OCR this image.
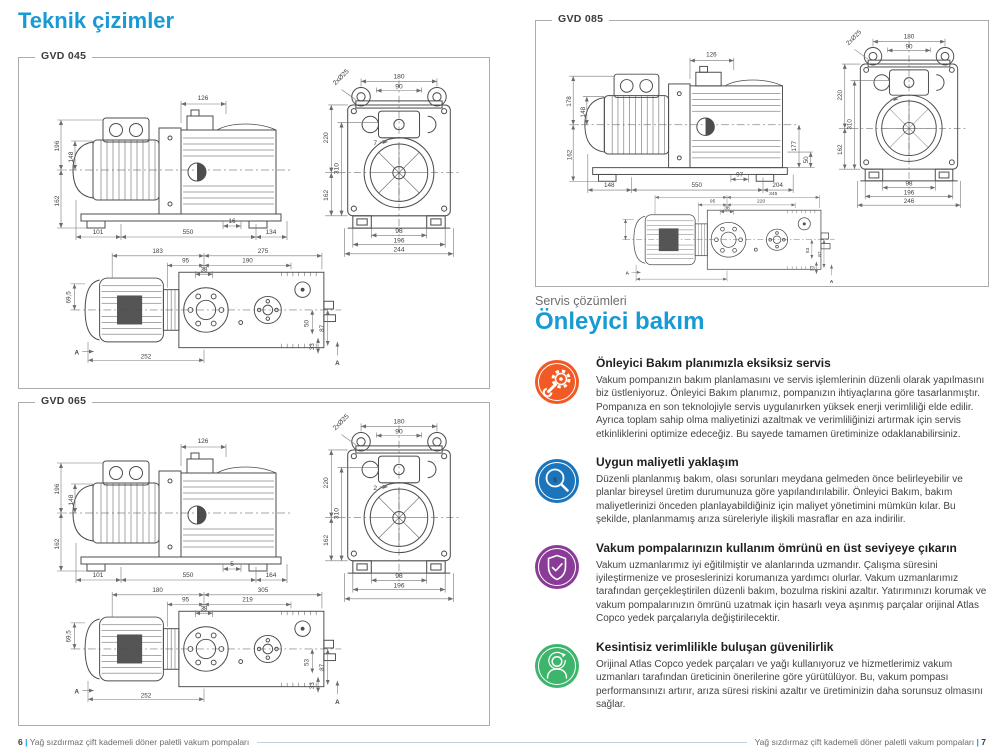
Teknik çizimler
GVD 045
126
196
148
162
101	550	134
16
180
90
2xØ25
220
310
162
7
98
196
244
183	275
95	190
38
69,5
252
50
87
33
A
A
GVD 065
126
196
148
162
101	550	164
5
180
90
2xØ25
220
310
162
2
98
196
180	305
95	219
38
69,5
252
53
87
33
A
A
GVD 085
126
178
148
162
148	550	204
97
177
50
180
90
2xØ25
220
310
162
98
196
246
345
95	220
38
53
87
33
A
A
Servis çözümleri
Önleyici bakım
Önleyici Bakım planımızla eksiksiz servis

Vakum pompanızın bakım planlamasını ve servis işlemlerinin düzenli olarak yapılmasını biz üstleniyoruz. Önleyici Bakım planımız, pompanızın ihtiyaçlarına göre tasarlanmıştır. Pompanıza en son teknolojiyle servis uygulanırken yüksek enerji verimliliği elde edilir. Ayrıca toplam sahip olma maliyetinizi azaltmak ve verimliliğinizi artırmak için servis etkinliklerini optimize edeceğiz. Bu sayede tamamen üretiminize odaklanabilirsiniz.

$
Uygun maliyetli yaklaşım

Düzenli planlanmış bakım, olası sorunları meydana gelmeden önce belirleyebilir ve planlar bireysel üretim durumunuza göre yapılandırılabilir. Önleyici Bakım, bakım maliyetlerinizi önceden planlayabildiğiniz için maliyet yönetimini mümkün kılar. Bu şekilde, planlanmamış arıza süreleriyle ilişkili masraflar en aza indirilir.

Vakum pompalarınızın kullanım ömrünü en üst seviyeye çıkarın

Vakum uzmanlarımız iyi eğitilmiştir ve alanlarında uzmandır. Çalışma süresini iyileştirmenize ve proseslerinizi korumanıza yardımcı olurlar. Vakum uzmanlarımız tarafından gerçekleştirilen düzenli bakım, bozulma riskini azaltır. Yatırımınızı korumak ve vakum pompalarınızın ömrünü uzatmak için hasarlı veya aşınmış parçalar orijinal Atlas Copco yedek parçalarıyla değiştirilecektir.

Kesintisiz verimlilikle buluşan güvenilirlik

Orijinal Atlas Copco yedek parçaları ve yağı kullanıyoruz ve hizmetlerimiz vakum uzmanları tarafından üreticinin önerilerine göre yürütülüyor. Bu, vakum pompası performansınızı artırır, arıza süresi riskini azaltır ve üretiminizin daha sorunsuz olmasını sağlar.

6 | Yağ sızdırmaz çift kademeli döner paletli vakum pompaları	Yağ sızdırmaz çift kademeli döner paletli vakum pompaları | 7
